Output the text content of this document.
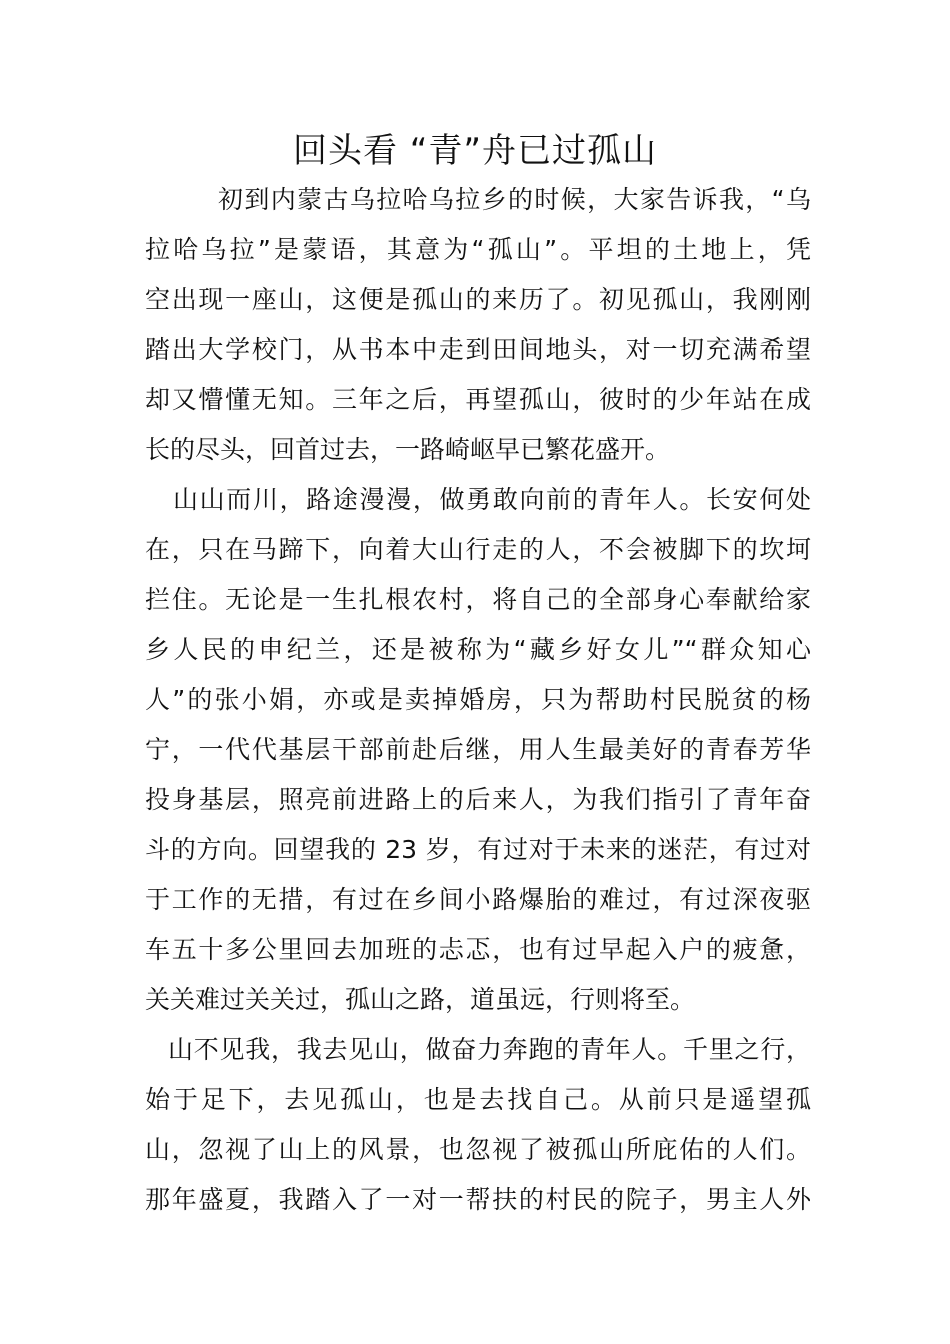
回头看 “青”舟已过孤山
初到内蒙古乌拉哈乌拉乡的时候，大家告诉我，“乌
拉哈乌拉”是蒙语，其意为“孤山”。平坦的土地上，凭
空出现一座山，这便是孤山的来历了。初见孤山，我刚刚
踏出大学校门，从书本中走到田间地头，对一切充满希望
却又懵懂无知。三年之后，再望孤山，彼时的少年站在成
长的尽头，回首过去，一路崎岖早已繁花盛开。
山山而川，路途漫漫，做勇敢向前的青年人。长安何处
在，只在马蹄下，向着大山行走的人，不会被脚下的坎坷
拦住。无论是一生扎根农村，将自己的全部身心奉献给家
乡人民的申纪兰，还是被称为“藏乡好女儿”“群众知心
人”的张小娟，亦或是卖掉婚房，只为帮助村民脱贫的杨
宁，一代代基层干部前赴后继，用人生最美好的青春芳华
投身基层，照亮前进路上的后来人，为我们指引了青年奋
斗的方向。回望我的 23 岁，有过对于未来的迷茫，有过对
于工作的无措，有过在乡间小路爆胎的难过，有过深夜驱
车五十多公里回去加班的忐忑，也有过早起入户的疲惫，
关关难过关关过，孤山之路，道虽远，行则将至。
山不见我，我去见山，做奋力奔跑的青年人。千里之行，
始于足下，去见孤山，也是去找自己。从前只是遥望孤
山，忽视了山上的风景，也忽视了被孤山所庇佑的人们。
那年盛夏，我踏入了一对一帮扶的村民的院子，男主人外
